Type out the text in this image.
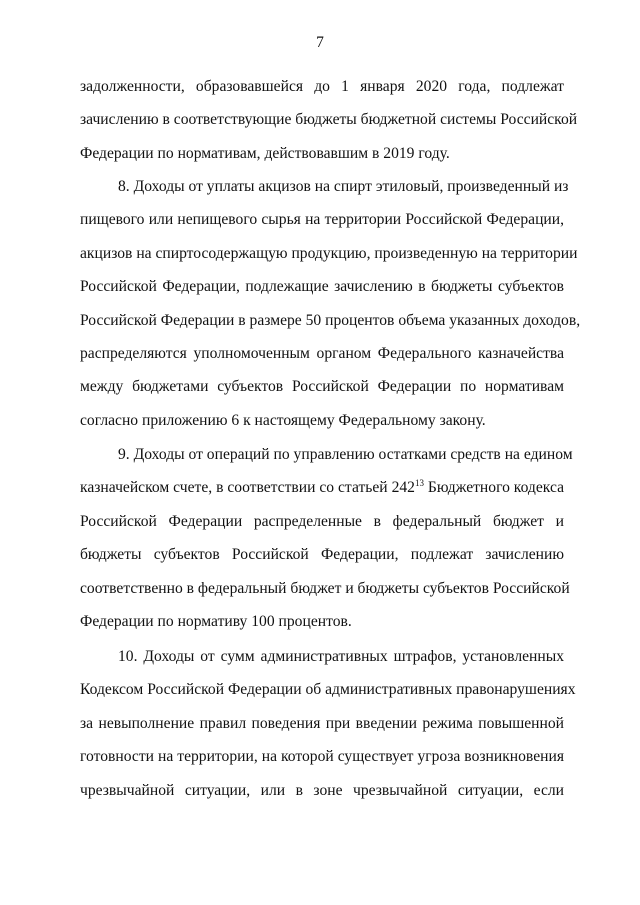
7
задолженности, образовавшейся до 1 января 2020 года, подлежат
зачислению в соответствующие бюджеты бюджетной системы Российской
Федерации по нормативам, действовавшим в 2019 году.
8. Доходы от уплаты акцизов на спирт этиловый, произведенный из
пищевого или непищевого сырья на территории Российской Федерации,
акцизов на спиртосодержащую продукцию, произведенную на территории
Российской Федерации, подлежащие зачислению в бюджеты субъектов
Российской Федерации в размере 50 процентов объема указанных доходов,
распределяются уполномоченным органом Федерального казначейства
между бюджетами субъектов Российской Федерации по нормативам
согласно приложению 6 к настоящему Федеральному закону.
9. Доходы от операций по управлению остатками средств на едином
казначейском счете, в соответствии со статьей $242^{13}$ Бюджетного кодекса
Российской Федерации распределенные в федеральный бюджет и
бюджеты субъектов Российской Федерации, подлежат зачислению
соответственно в федеральный бюджет и бюджеты субъектов Российской
Федерации по нормативу 100 процентов.
10. Доходы от сумм административных штрафов, установленных
Кодексом Российской Федерации об административных правонарушениях
за невыполнение правил поведения при введении режима повышенной
готовности на территории, на которой существует угроза возникновения
чрезвычайной ситуации, или в зоне чрезвычайной ситуации, если
